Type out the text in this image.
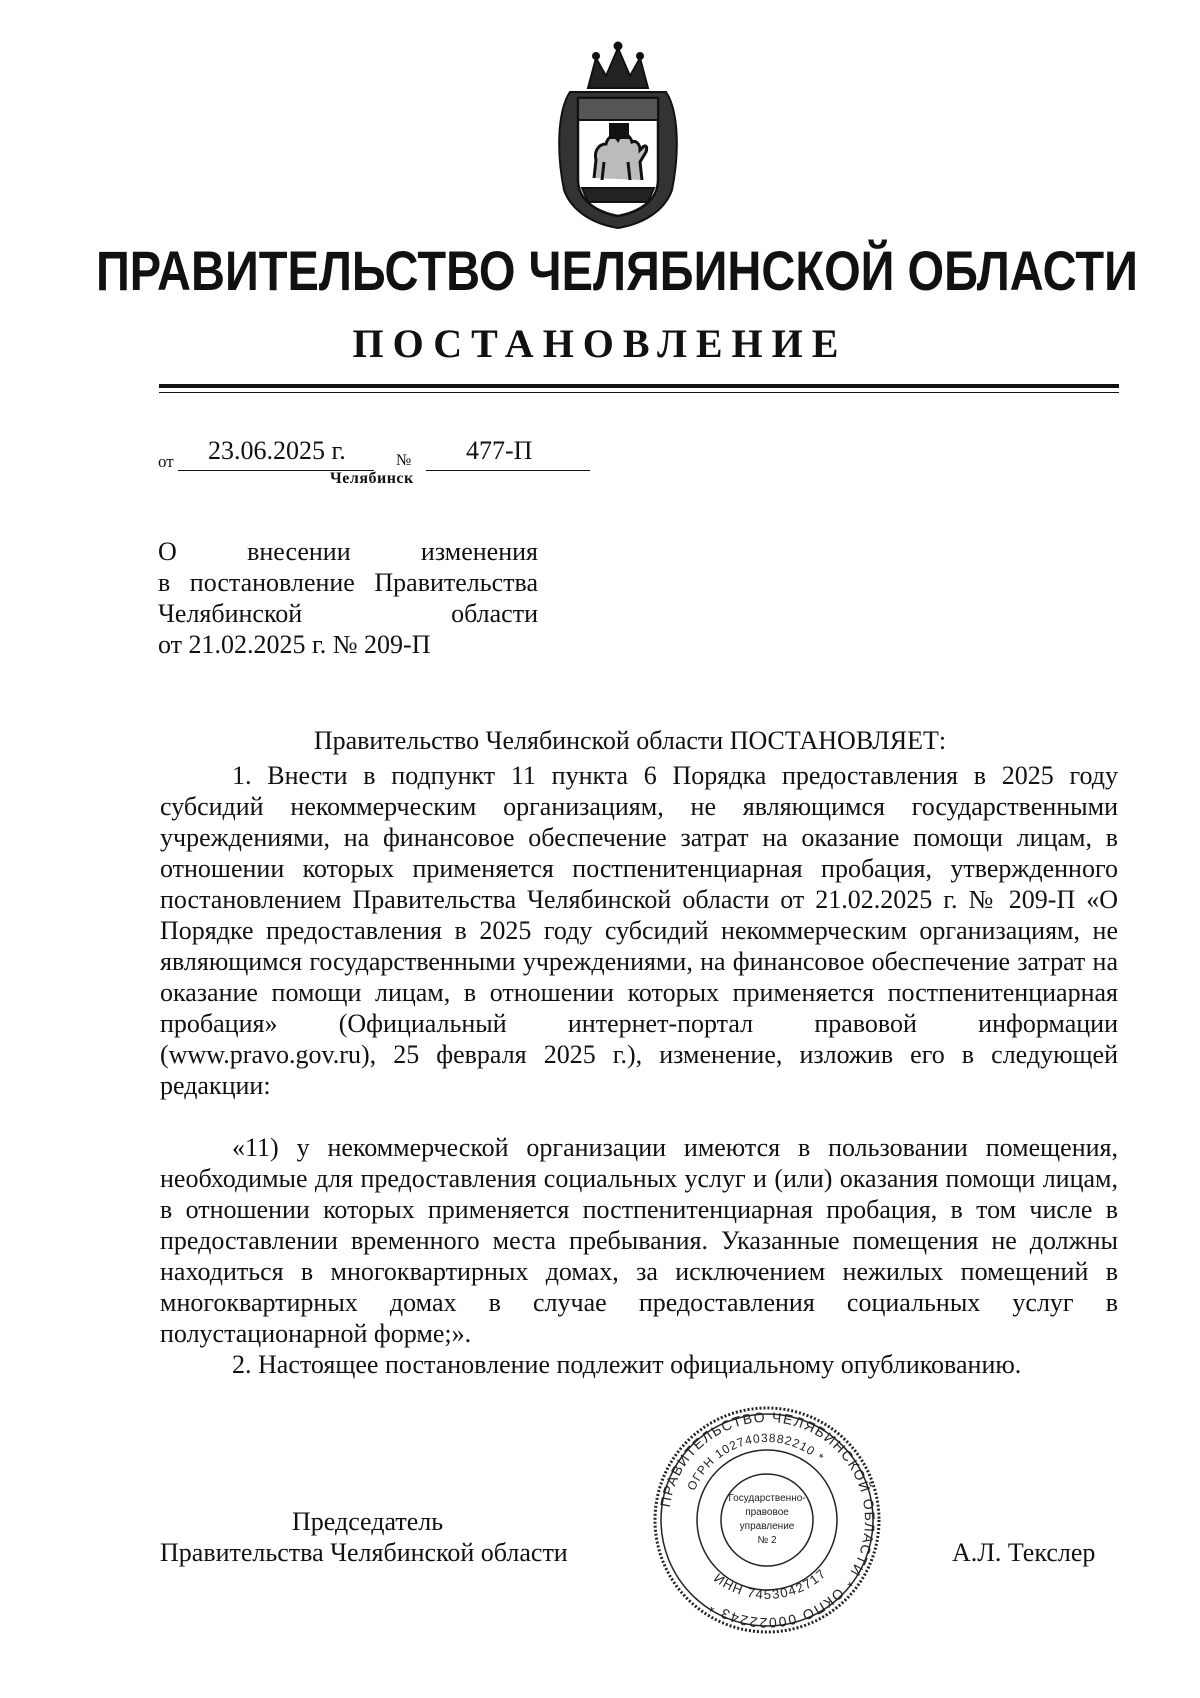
ПРАВИТЕЛЬСТВО ЧЕЛЯБИНСКОЙ ОБЛАСТИ
ПОСТАНОВЛЕНИЕ
от 23.06.2025 г.	№ 477-П
Челябинск
О внесении изменения
в постановление Правительства
Челябинской области
от 21.02.2025 г. № 209-П
Правительство Челябинской области ПОСТАНОВЛЯЕТ:

1. Внести в подпункт 11 пункта 6 Порядка предоставления в 2025 году субсидий некоммерческим организациям, не являющимся государственными учреждениями, на финансовое обеспечение затрат на оказание помощи лицам, в отношении которых применяется постпенитенциарная пробация, утвержденного постановлением Правительства Челябинской области от 21.02.2025 г. № 209-П «О Порядке предоставления в 2025 году субсидий некоммерческим организациям, не являющимся государственными учреждениями, на финансовое обеспечение затрат на оказание помощи лицам, в отношении которых применяется постпенитенциарная пробация» (Официальный интернет-портал правовой информации (www.pravo.gov.ru), 25 февраля 2025 г.), изменение, изложив его в следующей редакции:

«11) у некоммерческой организации имеются в пользовании помещения, необходимые для предоставления социальных услуг и (или) оказания помощи лицам, в отношении которых применяется постпенитенциарная пробация, в том числе в предоставлении временного места пребывания. Указанные помещения не должны находиться в многоквартирных домах, за исключением нежилых помещений в многоквартирных домах в случае предоставления социальных услуг в полустационарной форме;».

2. Настоящее постановление подлежит официальному опубликованию.

Председатель
Правительства Челябинской области	А.Л. Текслер
ПРАВИТЕЛЬСТВО ЧЕЛЯБИНСКОЙ ОБЛАСТИ * ОКПО 00022243 *
ОГРН 1027403882210 *
ИНН 7453042717
Государственно-
правовое
управление
№ 2
